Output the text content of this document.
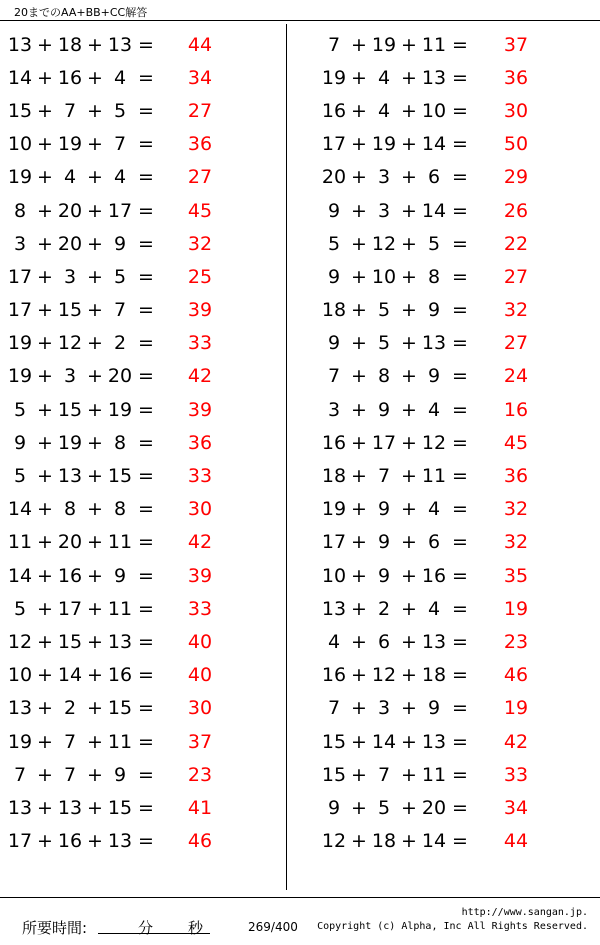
20までのAA+BB+CC解答
13 + 18 + 13 =	44
14 + 16 + 4 =	34
15 + 7 + 5 =	27
10 + 19 + 7 =	36
19 + 4 + 4 =	27
8 + 20 + 17 =	45
3 + 20 + 9 =	32
17 + 3 + 5 =	25
17 + 15 + 7 =	39
19 + 12 + 2 =	33
19 + 3 + 20 =	42
5 + 15 + 19 =	39
9 + 19 + 8 =	36
5 + 13 + 15 =	33
14 + 8 + 8 =	30
11 + 20 + 11 =	42
14 + 16 + 9 =	39
5 + 17 + 11 =	33
12 + 15 + 13 =	40
10 + 14 + 16 =	40
13 + 2 + 15 =	30
19 + 7 + 11 =	37
7 + 7 + 9 =	23
13 + 13 + 15 =	41
17 + 16 + 13 =	46
7 + 19 + 11 =	37
19 + 4 + 13 =	36
16 + 4 + 10 =	30
17 + 19 + 14 =	50
20 + 3 + 6 =	29
9 + 3 + 14 =	26
5 + 12 + 5 =	22
9 + 10 + 8 =	27
18 + 5 + 9 =	32
9 + 5 + 13 =	27
7 + 8 + 9 =	24
3 + 9 + 4 =	16
16 + 17 + 12 =	45
18 + 7 + 11 =	36
19 + 9 + 4 =	32
17 + 9 + 6 =	32
10 + 9 + 16 =	35
13 + 2 + 4 =	19
4 + 6 + 13 =	23
16 + 12 + 18 =	46
7 + 3 + 9 =	19
15 + 14 + 13 =	42
15 + 7 + 11 =	33
9 + 5 + 20 =	34
12 + 18 + 14 =	44
所要時間:	分 秒	269/400
http://www.sangan.jp.
Copyright (c) Alpha, Inc All Rights Reserved.
